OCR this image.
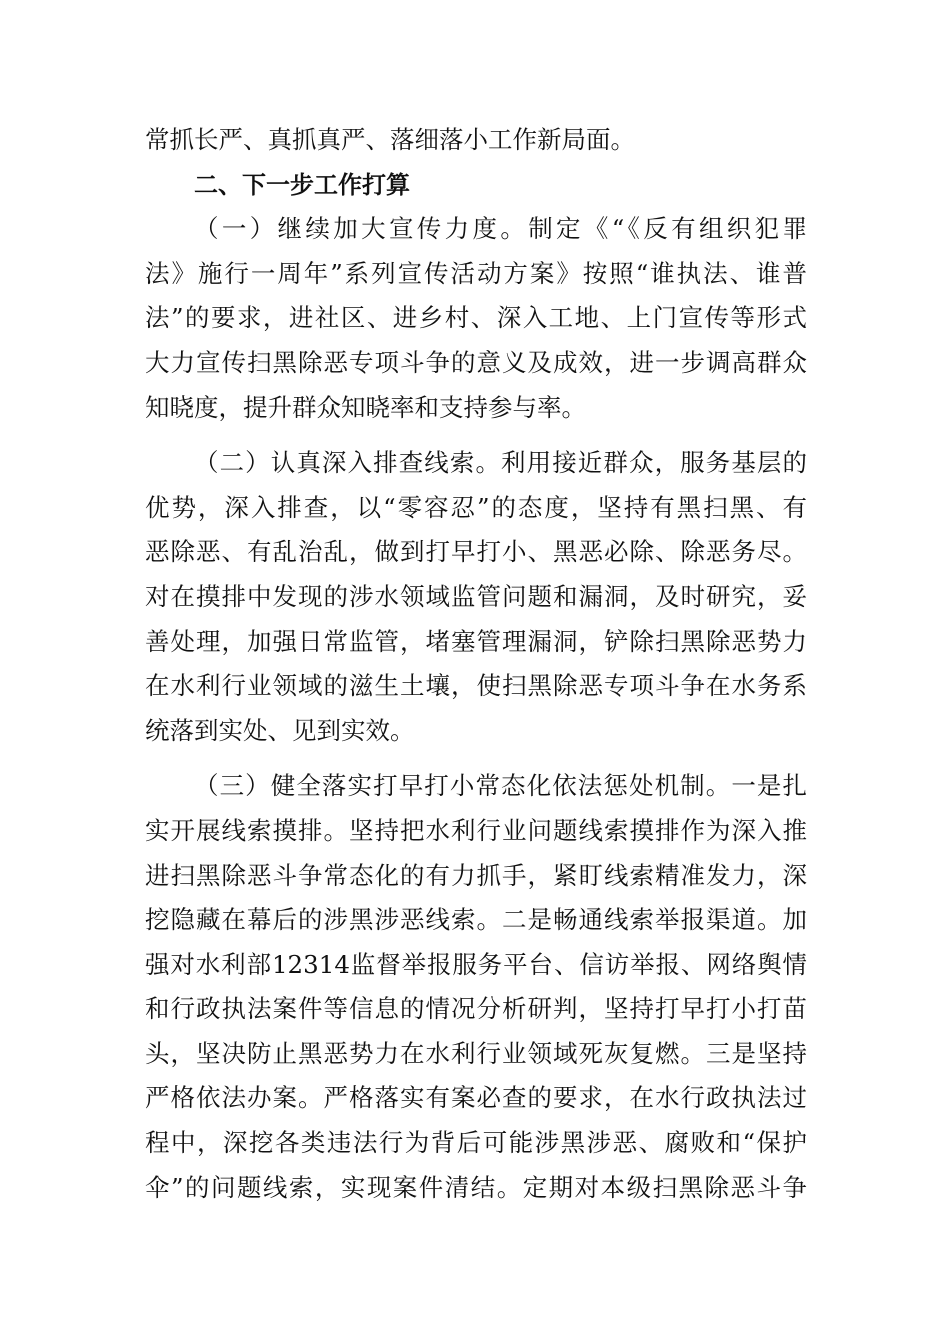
常抓长严、真抓真严、落细落小工作新局面。
二、下一步工作打算
（一）继续加大宣传力度。制定《“《反有组织犯罪
法》施行一周年”系列宣传活动方案》按照“谁执法、谁普
法”的要求，进社区、进乡村、深入工地、上门宣传等形式
大力宣传扫黑除恶专项斗争的意义及成效，进一步调高群众
知晓度，提升群众知晓率和支持参与率。
（二）认真深入排查线索。利用接近群众，服务基层的
优势，深入排查，以“零容忍”的态度，坚持有黑扫黑、有
恶除恶、有乱治乱，做到打早打小、黑恶必除、除恶务尽。
对在摸排中发现的涉水领域监管问题和漏洞，及时研究，妥
善处理，加强日常监管，堵塞管理漏洞，铲除扫黑除恶势力
在水利行业领域的滋生土壤，使扫黑除恶专项斗争在水务系
统落到实处、见到实效。
（三）健全落实打早打小常态化依法惩处机制。一是扎
实开展线索摸排。坚持把水利行业问题线索摸排作为深入推
进扫黑除恶斗争常态化的有力抓手，紧盯线索精准发力，深
挖隐藏在幕后的涉黑涉恶线索。二是畅通线索举报渠道。加
强对水利部12314监督举报服务平台、信访举报、网络舆情
和行政执法案件等信息的情况分析研判，坚持打早打小打苗
头，坚决防止黑恶势力在水利行业领域死灰复燃。三是坚持
严格依法办案。严格落实有案必查的要求，在水行政执法过
程中，深挖各类违法行为背后可能涉黑涉恶、腐败和“保护
伞”的问题线索，实现案件清结。定期对本级扫黑除恶斗争
